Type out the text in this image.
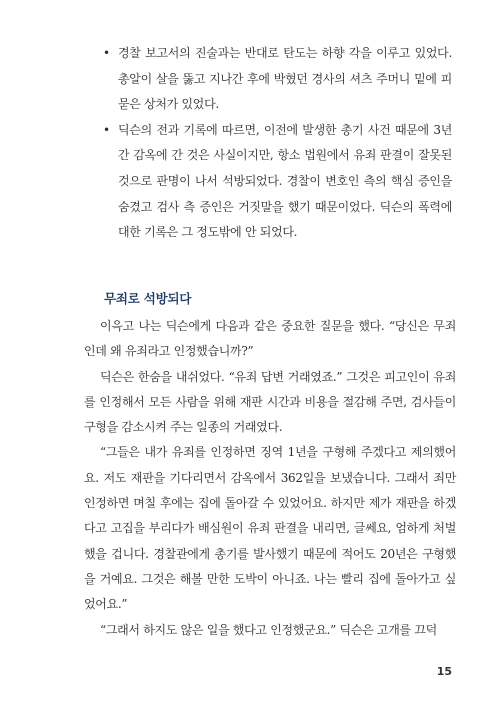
• 경찰 보고서의 진술과는 반대로 탄도는 하향 각을 이루고 있었다. 총알이 살을 뚫고 지나간 후에 박혔던 경사의 셔츠 주머니 밑에 피 묻은 상처가 있었다.
• 딕슨의 전과 기록에 따르면, 이전에 발생한 총기 사건 때문에 3년 간 감옥에 간 것은 사실이지만, 항소 법원에서 유죄 판결이 잘못된 것으로 판명이 나서 석방되었다. 경찰이 변호인 측의 핵심 증인을 숨겼고 검사 측 증인은 거짓말을 했기 때문이었다. 딕슨의 폭력에 대한 기록은 그 정도밖에 안 되었다.
무죄로 석방되다

이윽고 나는 딕슨에게 다음과 같은 중요한 질문을 했다. “당신은 무죄인데 왜 유죄라고 인정했습니까?”

딕슨은 한숨을 내쉬었다. “유죄 답변 거래였죠.” 그것은 피고인이 유죄를 인정해서 모든 사람을 위해 재판 시간과 비용을 절감해 주면, 검사들이 구형을 감소시켜 주는 일종의 거래였다.

“그들은 내가 유죄를 인정하면 징역 1년을 구형해 주겠다고 제의했어요. 저도 재판을 기다리면서 감옥에서 362일을 보냈습니다. 그래서 죄만 인정하면 며칠 후에는 집에 돌아갈 수 있었어요. 하지만 제가 재판을 하겠다고 고집을 부리다가 배심원이 유죄 판결을 내리면, 글쎄요, 엄하게 처벌했을 겁니다. 경찰관에게 총기를 발사했기 때문에 적어도 20년은 구형했을 거예요. 그것은 해볼 만한 도박이 아니죠. 나는 빨리 집에 돌아가고 싶었어요.”

“그래서 하지도 않은 일을 했다고 인정했군요.” 딕슨은 고개를 끄덕

15
